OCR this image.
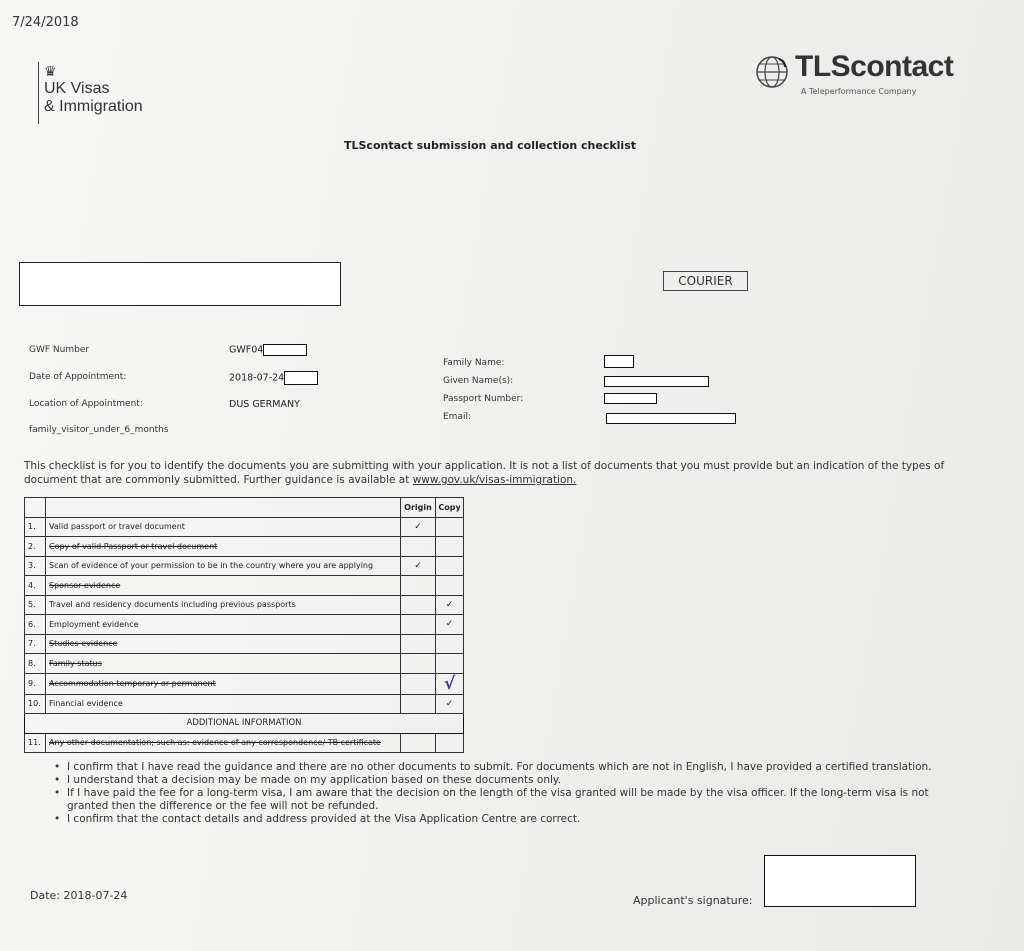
7/24/2018
♛
UK Visas
& Immigration
TLScontact
A Teleperformance Company
TLScontact submission and collection checklist
COURIER
GWF Number	GWF04
Date of Appointment:	2018-07-24
Location of Appointment:	DUS GERMANY
family_visitor_under_6_months
Family Name:
Given Name(s):
Passport Number:
Email:
This checklist is for you to identify the documents you are submitting with your application. It is not a list of documents that you must provide but an indication of the types of document that are commonly submitted. Further guidance is available at www.gov.uk/visas-immigration.
		Origin	Copy
1.	Valid passport or travel document	✓	
2.	Copy of valid Passport or travel document		
3.	Scan of evidence of your permission to be in the country where you are applying	✓	
4.	Sponsor evidence		
5.	Travel and residency documents including previous passports		✓
6.	Employment evidence		✓
7.	Studies evidence		
8.	Family status		
9.	Accommodation temporary or permanent		√
10.	Financial evidence		✓
ADDITIONAL INFORMATION			
11.	Any other documentation; such as: evidence of any correspondence/ TB certificate		
• I confirm that I have read the guidance and there are no other documents to submit. For documents which are not in English, I have provided a certified translation.
• I understand that a decision may be made on my application based on these documents only.
• If I have paid the fee for a long-term visa, I am aware that the decision on the length of the visa granted will be made by the visa officer. If the long-term visa is not granted then the difference or the fee will not be refunded.
• I confirm that the contact details and address provided at the Visa Application Centre are correct.
Date: 2018-07-24	Applicant's signature:
